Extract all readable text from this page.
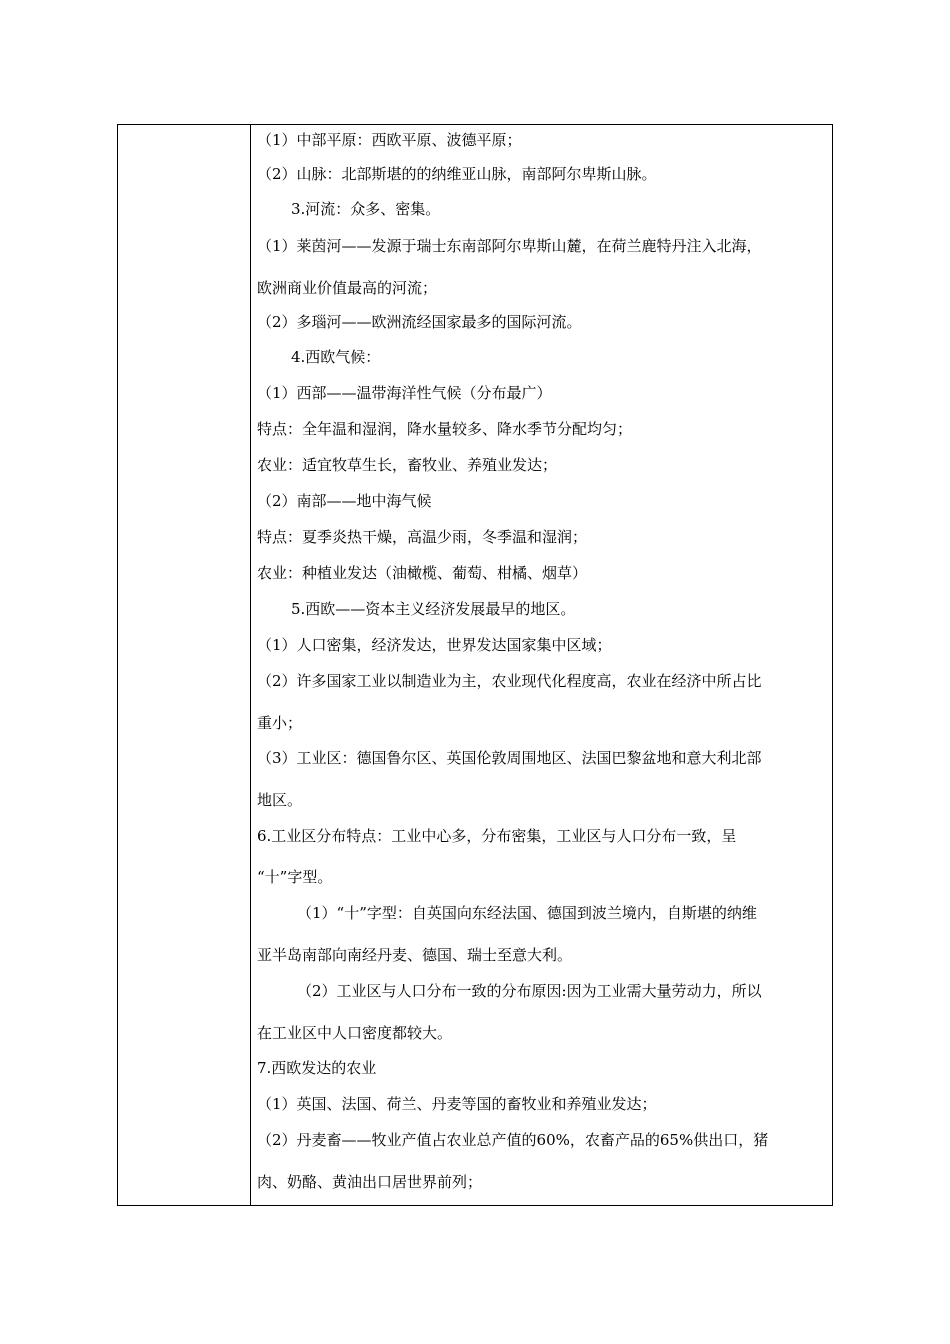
（1）中部平原：西欧平原、波德平原；
（2）山脉：北部斯堪的的纳维亚山脉，南部阿尔卑斯山脉。
3.河流：众多、密集。
（1）莱茵河——发源于瑞士东南部阿尔卑斯山麓，在荷兰鹿特丹注入北海，
欧洲商业价值最高的河流；
（2）多瑙河——欧洲流经国家最多的国际河流。
4.西欧气候：
（1）西部——温带海洋性气候（分布最广）
特点：全年温和湿润，降水量较多、降水季节分配均匀；
农业：适宜牧草生长，畜牧业、养殖业发达；
（2）南部——地中海气候
特点：夏季炎热干燥，高温少雨，冬季温和湿润；
农业：种植业发达（油橄榄、葡萄、柑橘、烟草）
5.西欧——资本主义经济发展最早的地区。
（1）人口密集，经济发达，世界发达国家集中区域；
（2）许多国家工业以制造业为主，农业现代化程度高，农业在经济中所占比
重小；
（3）工业区：德国鲁尔区、英国伦敦周围地区、法国巴黎盆地和意大利北部
地区。
6.工业区分布特点：工业中心多，分布密集，工业区与人口分布一致，呈
“十”字型。
（1）“十”字型：自英国向东经法国、德国到波兰境内，自斯堪的纳维
亚半岛南部向南经丹麦、德国、瑞士至意大利。
（2）工业区与人口分布一致的分布原因:因为工业需大量劳动力，所以
在工业区中人口密度都较大。
7.西欧发达的农业
（1）英国、法国、荷兰、丹麦等国的畜牧业和养殖业发达；
（2）丹麦畜——牧业产值占农业总产值的60%，农畜产品的65%供出口，猪
肉、奶酪、黄油出口居世界前列；
